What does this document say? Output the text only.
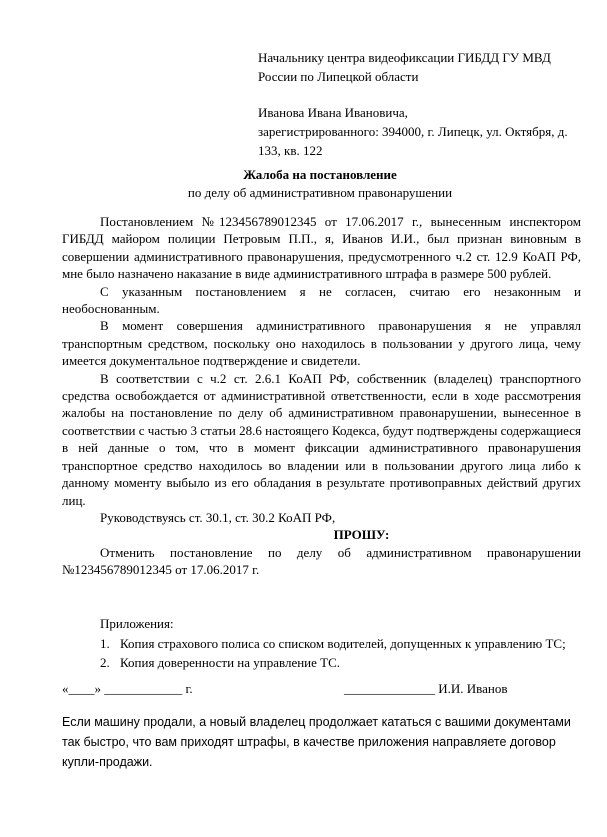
Начальнику центра видеофиксации ГИБДД ГУ МВД

России по Липецкой области

Иванова Ивана Ивановича,

зарегистрированного: 394000, г. Липецк, ул. Октября, д.

133, кв. 122

Жалоба на постановление
по делу об административном правонарушении

Постановлением №123456789012345 от 17.06.2017 г., вынесенным инспектором ГИБДД майором полиции Петровым П.П., я, Иванов И.И., был признан виновным в совершении административного правонарушения, предусмотренного ч.2 ст. 12.9 КоАП РФ, мне было назначено наказание в виде административного штрафа в размере 500 рублей.

С указанным постановлением я не согласен, считаю его незаконным и необоснованным.

В момент совершения административного правонарушения я не управлял транспортным средством, поскольку оно находилось в пользовании у другого лица, чему имеется документальное подтверждение и свидетели.

В соответствии с ч.2 ст. 2.6.1 КоАП РФ, собственник (владелец) транспортного средства освобождается от административной ответственности, если в ходе рассмотрения жалобы на постановление по делу об административном правонарушении, вынесенное в соответствии с частью 3 статьи 28.6 настоящего Кодекса, будут подтверждены содержащиеся в ней данные о том, что в момент фиксации административного правонарушения транспортное средство находилось во владении или в пользовании другого лица либо к данному моменту выбыло из его обладания в результате противоправных действий других лиц.

Руководствуясь ст. 30.1, ст. 30.2 КоАП РФ,

ПРОШУ:

Отменить постановление по делу об административном правонарушении №123456789012345 от 17.06.2017 г.

Приложения:

1. Копия страхового полиса со списком водителей, допущенных к управлению ТС;

2. Копия доверенности на управление ТС.

«____» ____________ г.	______________ И.И. Иванов
Если машину продали, а новый владелец продолжает кататься с вашими документами так быстро, что вам приходят штрафы, в качестве приложения направляете договор купли-продажи.
